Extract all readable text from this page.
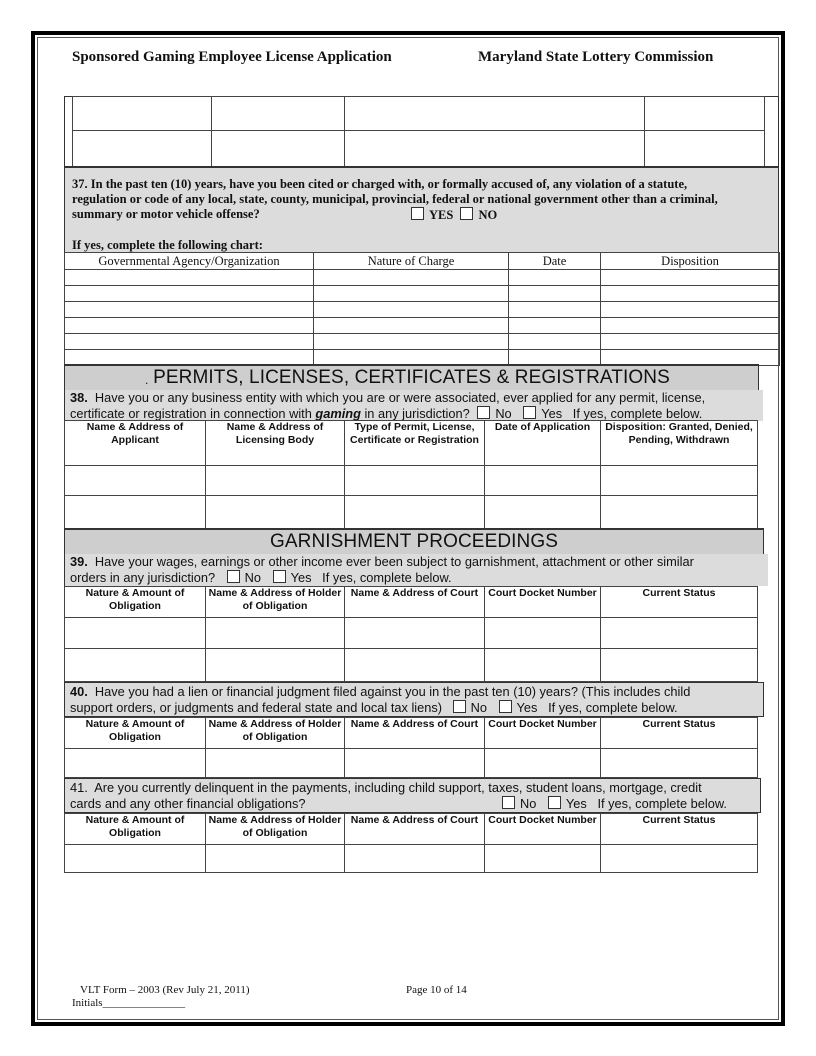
Sponsored Gaming Employee License Application	Maryland State Lottery Commission

37. In the past ten (10) years, have you been cited or charged with, or formally accused of, any violation of a statute,
regulation or code of any local, state, county, municipal, provincial, federal or national government other than a criminal,
summary or motor vehicle offense?	YES NO
If yes, complete the following chart:
Governmental Agency/Organization	Nature of Charge	Date	Disposition

. PERMITS, LICENSES, CERTIFICATES & REGISTRATIONS
38. Have you or any business entity with which you are or were associated, ever applied for any permit, license,
certificate or registration in connection with gaming in any jurisdiction? No Yes If yes, complete below.
Name & Address of Applicant	Name & Address of Licensing Body	Type of Permit, License, Certificate or Registration	Date of Application	Disposition: Granted, Denied, Pending, Withdrawn

GARNISHMENT PROCEEDINGS
39. Have your wages, earnings or other income ever been subject to garnishment, attachment or other similar
orders in any jurisdiction? No Yes If yes, complete below.
Nature & Amount of Obligation	Name & Address of Holder of Obligation	Name & Address of Court	Court Docket Number	Current Status

40. Have you had a lien or financial judgment filed against you in the past ten (10) years? (This includes child
support orders, or judgments and federal state and local tax liens) No Yes If yes, complete below.
Nature & Amount of Obligation	Name & Address of Holder of Obligation	Name & Address of Court	Court Docket Number	Current Status

41. Are you currently delinquent in the payments, including child support, taxes, student loans, mortgage, credit
cards and any other financial obligations?	No Yes If yes, complete below.
Nature & Amount of Obligation	Name & Address of Holder of Obligation	Name & Address of Court	Court Docket Number	Current Status

VLT Form – 2003 (Rev July 21, 2011)	Page 10 of 14
Initials_______________
